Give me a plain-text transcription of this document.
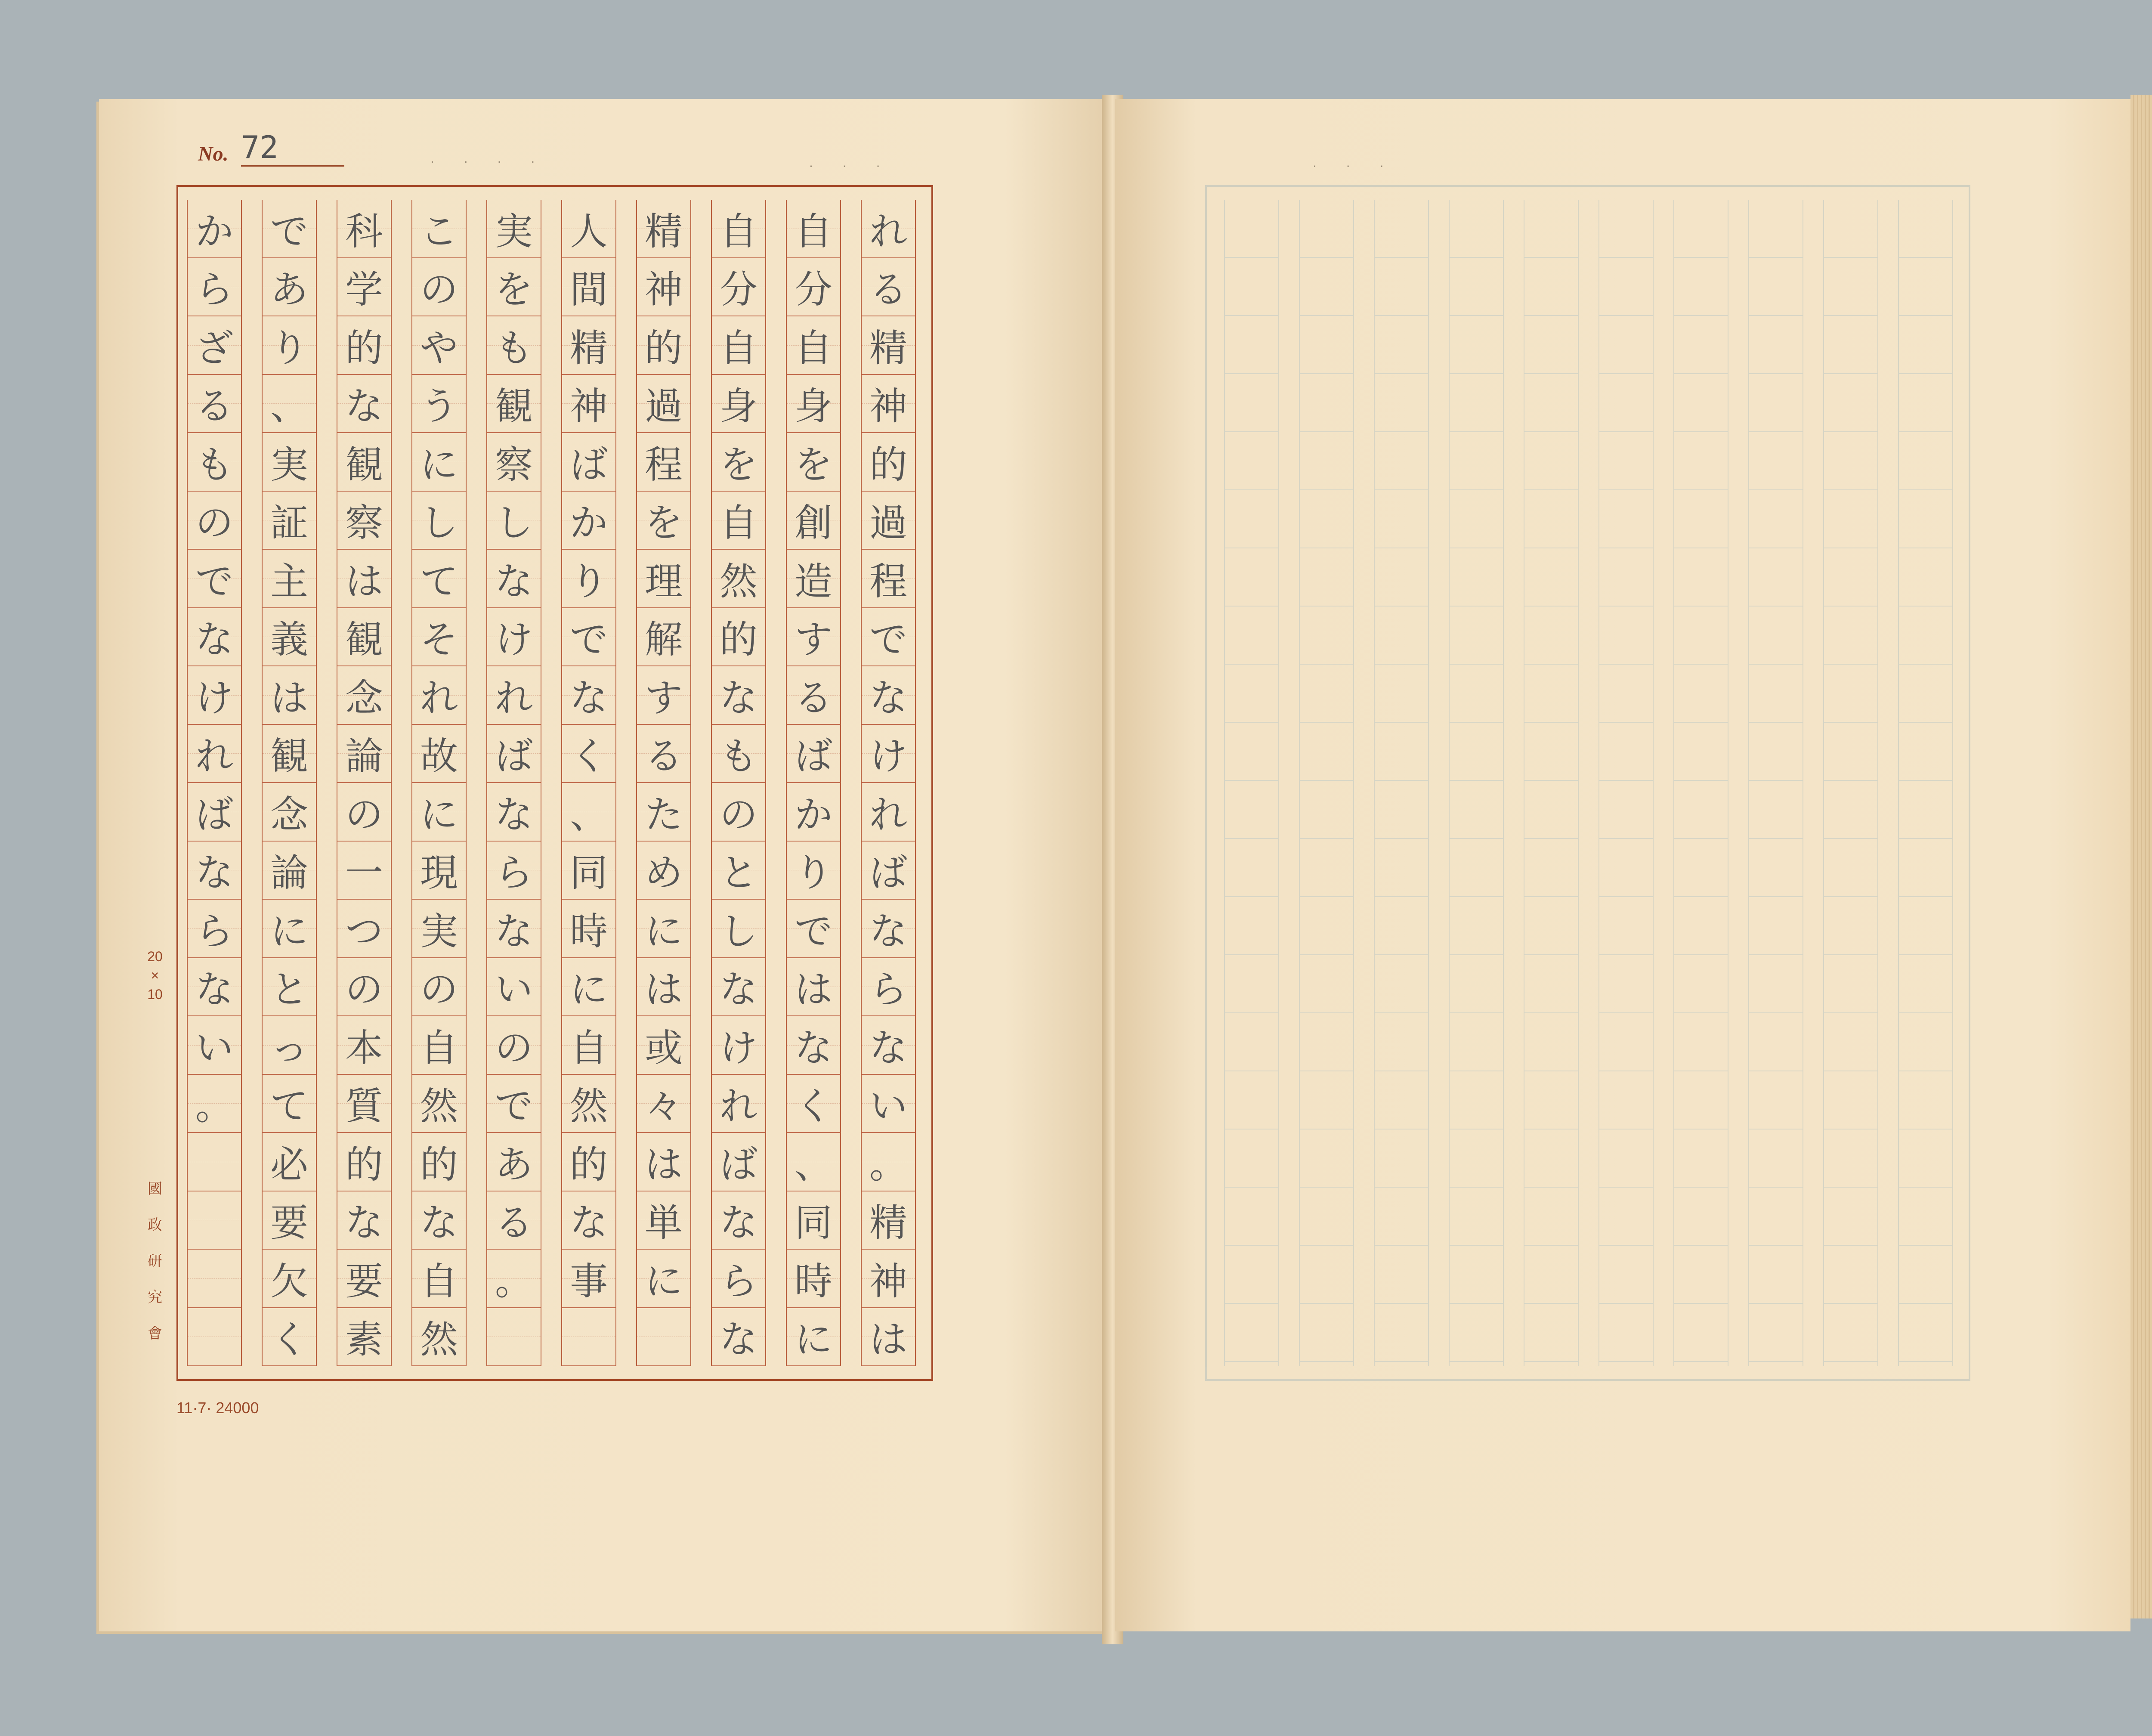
· · · ·	· · ·	· · ·
No. 72
れ
る
精
神
的
過
程
で
な
け
れ
ば
な
ら
な
い
。
精
神
は
自
分
自
身
を
創
造
す
る
ば
か
り
で
は
な
く
、
同
時
に
自
分
自
身
を
自
然
的
な
も
の
と
し
な
け
れ
ば
な
ら
な
精
神
的
過
程
を
理
解
す
る
た
め
に
は
或
々
は
単
に
人
間
精
神
ば
か
り
で
な
く
、
同
時
に
自
然
的
な
事
実
を
も
観
察
し
な
け
れ
ば
な
ら
な
い
の
で
あ
る
。
こ
の
や
う
に
し
て
そ
れ
故
に
現
実
の
自
然
的
な
自
然
科
学
的
な
観
察
は
観
念
論
の
一
つ
の
本
質
的
な
要
素
で
あ
り
、
実
証
主
義
は
観
念
論
に
と
っ
て
必
要
欠
く
か
ら
ざ
る
も
の
で
な
け
れ
ば
な
ら
な
い
。
20
×
10
國
政
研
究
會
11·7· 24000
